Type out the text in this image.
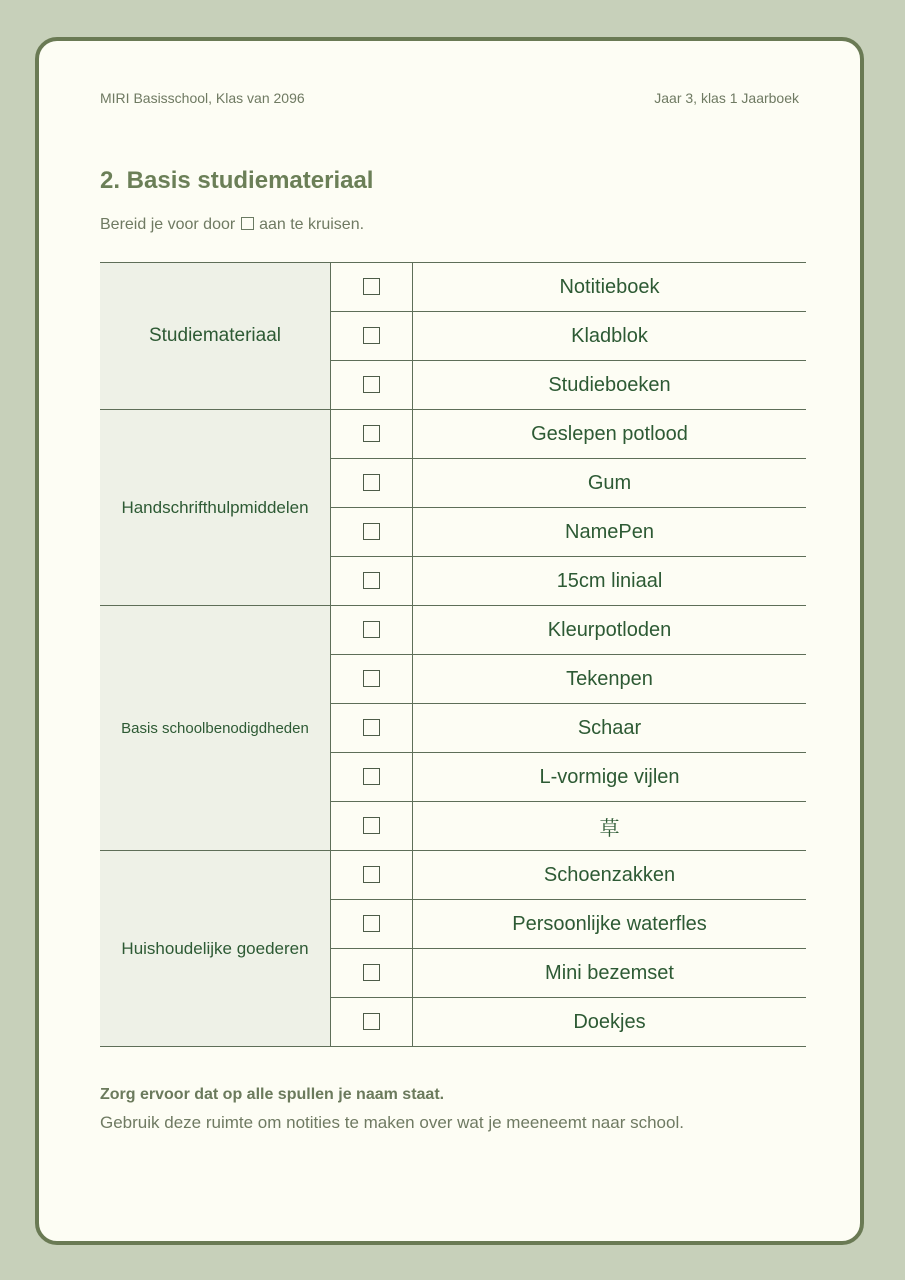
MIRI Basisschool, Klas van 2096	Jaar 3, klas 1 Jaarboek
2. Basis studiemateriaal
Bereid je voor door aan te kruisen.
Studiemateriaal		Notitieboek
		Kladblok
		Studieboeken
Handschrifthulpmiddelen		Geslepen potlood
		Gum
		NamePen
		15cm liniaal
Basis schoolbenodigdheden		Kleurpotloden
		Tekenpen
		Schaar
		L-vormige vijlen
		草
Huishoudelijke goederen		Schoenzakken
		Persoonlijke waterfles
		Mini bezemset
		Doekjes
Zorg ervoor dat op alle spullen je naam staat.
Gebruik deze ruimte om notities te maken over wat je meeneemt naar school.
